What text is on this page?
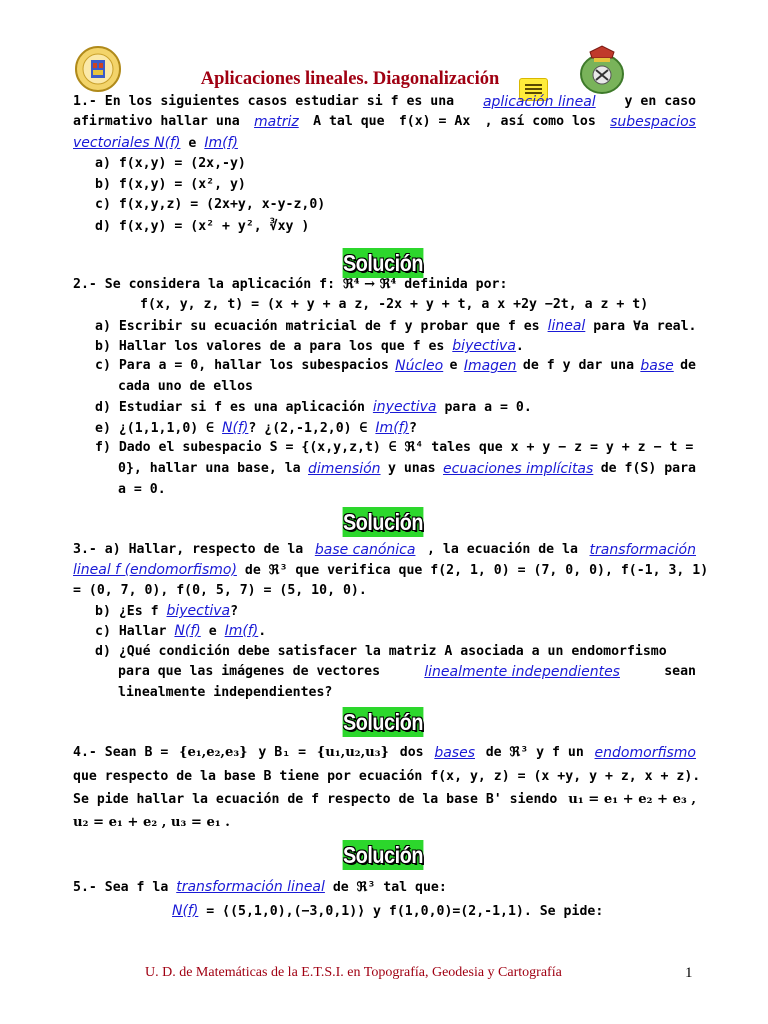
Aplicaciones lineales. Diagonalización
1.- En los siguientes casos estudiar si f es una aplicación lineal y en caso
afirmativo hallar una matriz A tal que f(x) = Ax , así como los subespacios
vectoriales N(f) e Im(f)
a) f(x,y) = (2x,-y)
b) f(x,y) = (x², y)
c) f(x,y,z) = (2x+y, x-y-z,0)
d) f(x,y) = (x² + y², ∛xy )
Solución
2.- Se considera la aplicación f: ℜ⁴ → ℜ⁴ definida por:
f(x, y, z, t) = (x + y + a z, -2x + y + t, a x +2y −2t, a z + t)
a) Escribir su ecuación matricial de f y probar que f es lineal para ∀a real.
b) Hallar los valores de a para los que f es biyectiva.
c) Para a = 0, hallar los subespacios Núcleo e Imagen de f y dar una base de
cada uno de ellos
d) Estudiar si f es una aplicación inyectiva para a = 0.
e) ¿(1,1,1,0) ∈ N(f)? ¿(2,-1,2,0) ∈ Im(f)?
f) Dado el subespacio S = {(x,y,z,t) ∈ ℜ⁴ tales que x + y − z = y + z − t =
0}, hallar una base, la dimensión y unas ecuaciones implícitas de f(S) para
a = 0.
Solución
3.- a) Hallar, respecto de la base canónica , la ecuación de la transformación
lineal f (endomorfismo) de ℜ³ que verifica que f(2, 1, 0) = (7, 0, 0), f(-1, 3, 1)
= (0, 7, 0), f(0, 5, 7) = (5, 10, 0).
b) ¿Es f biyectiva?
c) Hallar N(f) e Im(f).
d) ¿Qué condición debe satisfacer la matriz A asociada a un endomorfismo
para que las imágenes de vectores	linealmente independientes	sean
linealmente independientes?
Solución
4.- Sean B = {e₁,e₂,e₃} y B₁ = {u₁,u₂,u₃} dos bases de ℜ³ y f un endomorfismo
que respecto de la base B tiene por ecuación f(x, y, z) = (x +y, y + z, x + z).
Se pide hallar la ecuación de f respecto de la base B' siendo u₁ = e₁ + e₂ + e₃ ,
u₂ = e₁ + e₂ , u₃ = e₁ .
Solución
5.- Sea f la transformación lineal de ℜ³ tal que:
N(f) = ⟨(5,1,0),(−3,0,1)⟩ y f(1,0,0)=(2,-1,1). Se pide:
U. D. de Matemáticas de la E.T.S.I. en Topografía, Geodesia y Cartografía	1
